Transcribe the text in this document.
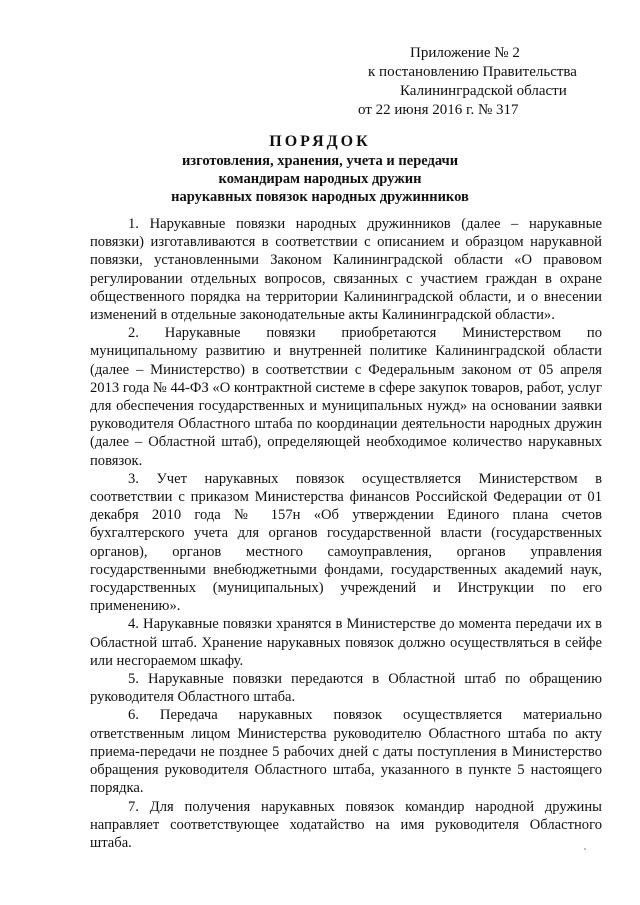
Приложение № 2
к постановлению Правительства
Калининградской области
от 22 июня 2016 г. № 317
ПОРЯДОК
изготовления, хранения, учета и передачи
командирам народных дружин
нарукавных повязок народных дружинников

1. Нарукавные повязки народных дружинников (далее – нарукавные повязки) изготавливаются в соответствии с описанием и образцом нарукавной повязки, установленными Законом Калининградской области «О правовом регулировании отдельных вопросов, связанных с участием граждан в охране общественного порядка на территории Калининградской области, и о внесении изменений в отдельные законодательные акты Калининградской области».

2. Нарукавные повязки приобретаются Министерством по муниципальному развитию и внутренней политике Калининградской области (далее – Министерство) в соответствии с Федеральным законом от 05 апреля 2013 года № 44-ФЗ «О контрактной системе в сфере закупок товаров, работ, услуг для обеспечения государственных и муниципальных нужд» на основании заявки руководителя Областного штаба по координации деятельности народных дружин (далее – Областной штаб), определяющей необходимое количество нарукавных повязок.

3. Учет нарукавных повязок осуществляется Министерством в соответствии с приказом Министерства финансов Российской Федерации от 01 декабря 2010 года № 157н «Об утверждении Единого плана счетов бухгалтерского учета для органов государственной власти (государственных органов), органов местного самоуправления, органов управления государственными внебюджетными фондами, государственных академий наук, государственных (муниципальных) учреждений и Инструкции по его применению».

4. Нарукавные повязки хранятся в Министерстве до момента передачи их в Областной штаб. Хранение нарукавных повязок должно осуществляться в сейфе или несгораемом шкафу.

5. Нарукавные повязки передаются в Областной штаб по обращению руководителя Областного штаба.

6. Передача нарукавных повязок осуществляется материально ответственным лицом Министерства руководителю Областного штаба по акту приема-передачи не позднее 5 рабочих дней с даты поступления в Министерство обращения руководителя Областного штаба, указанного в пункте 5 настоящего порядка.

7. Для получения нарукавных повязок командир народной дружины направляет соответствующее ходатайство на имя руководителя Областного штаба.
